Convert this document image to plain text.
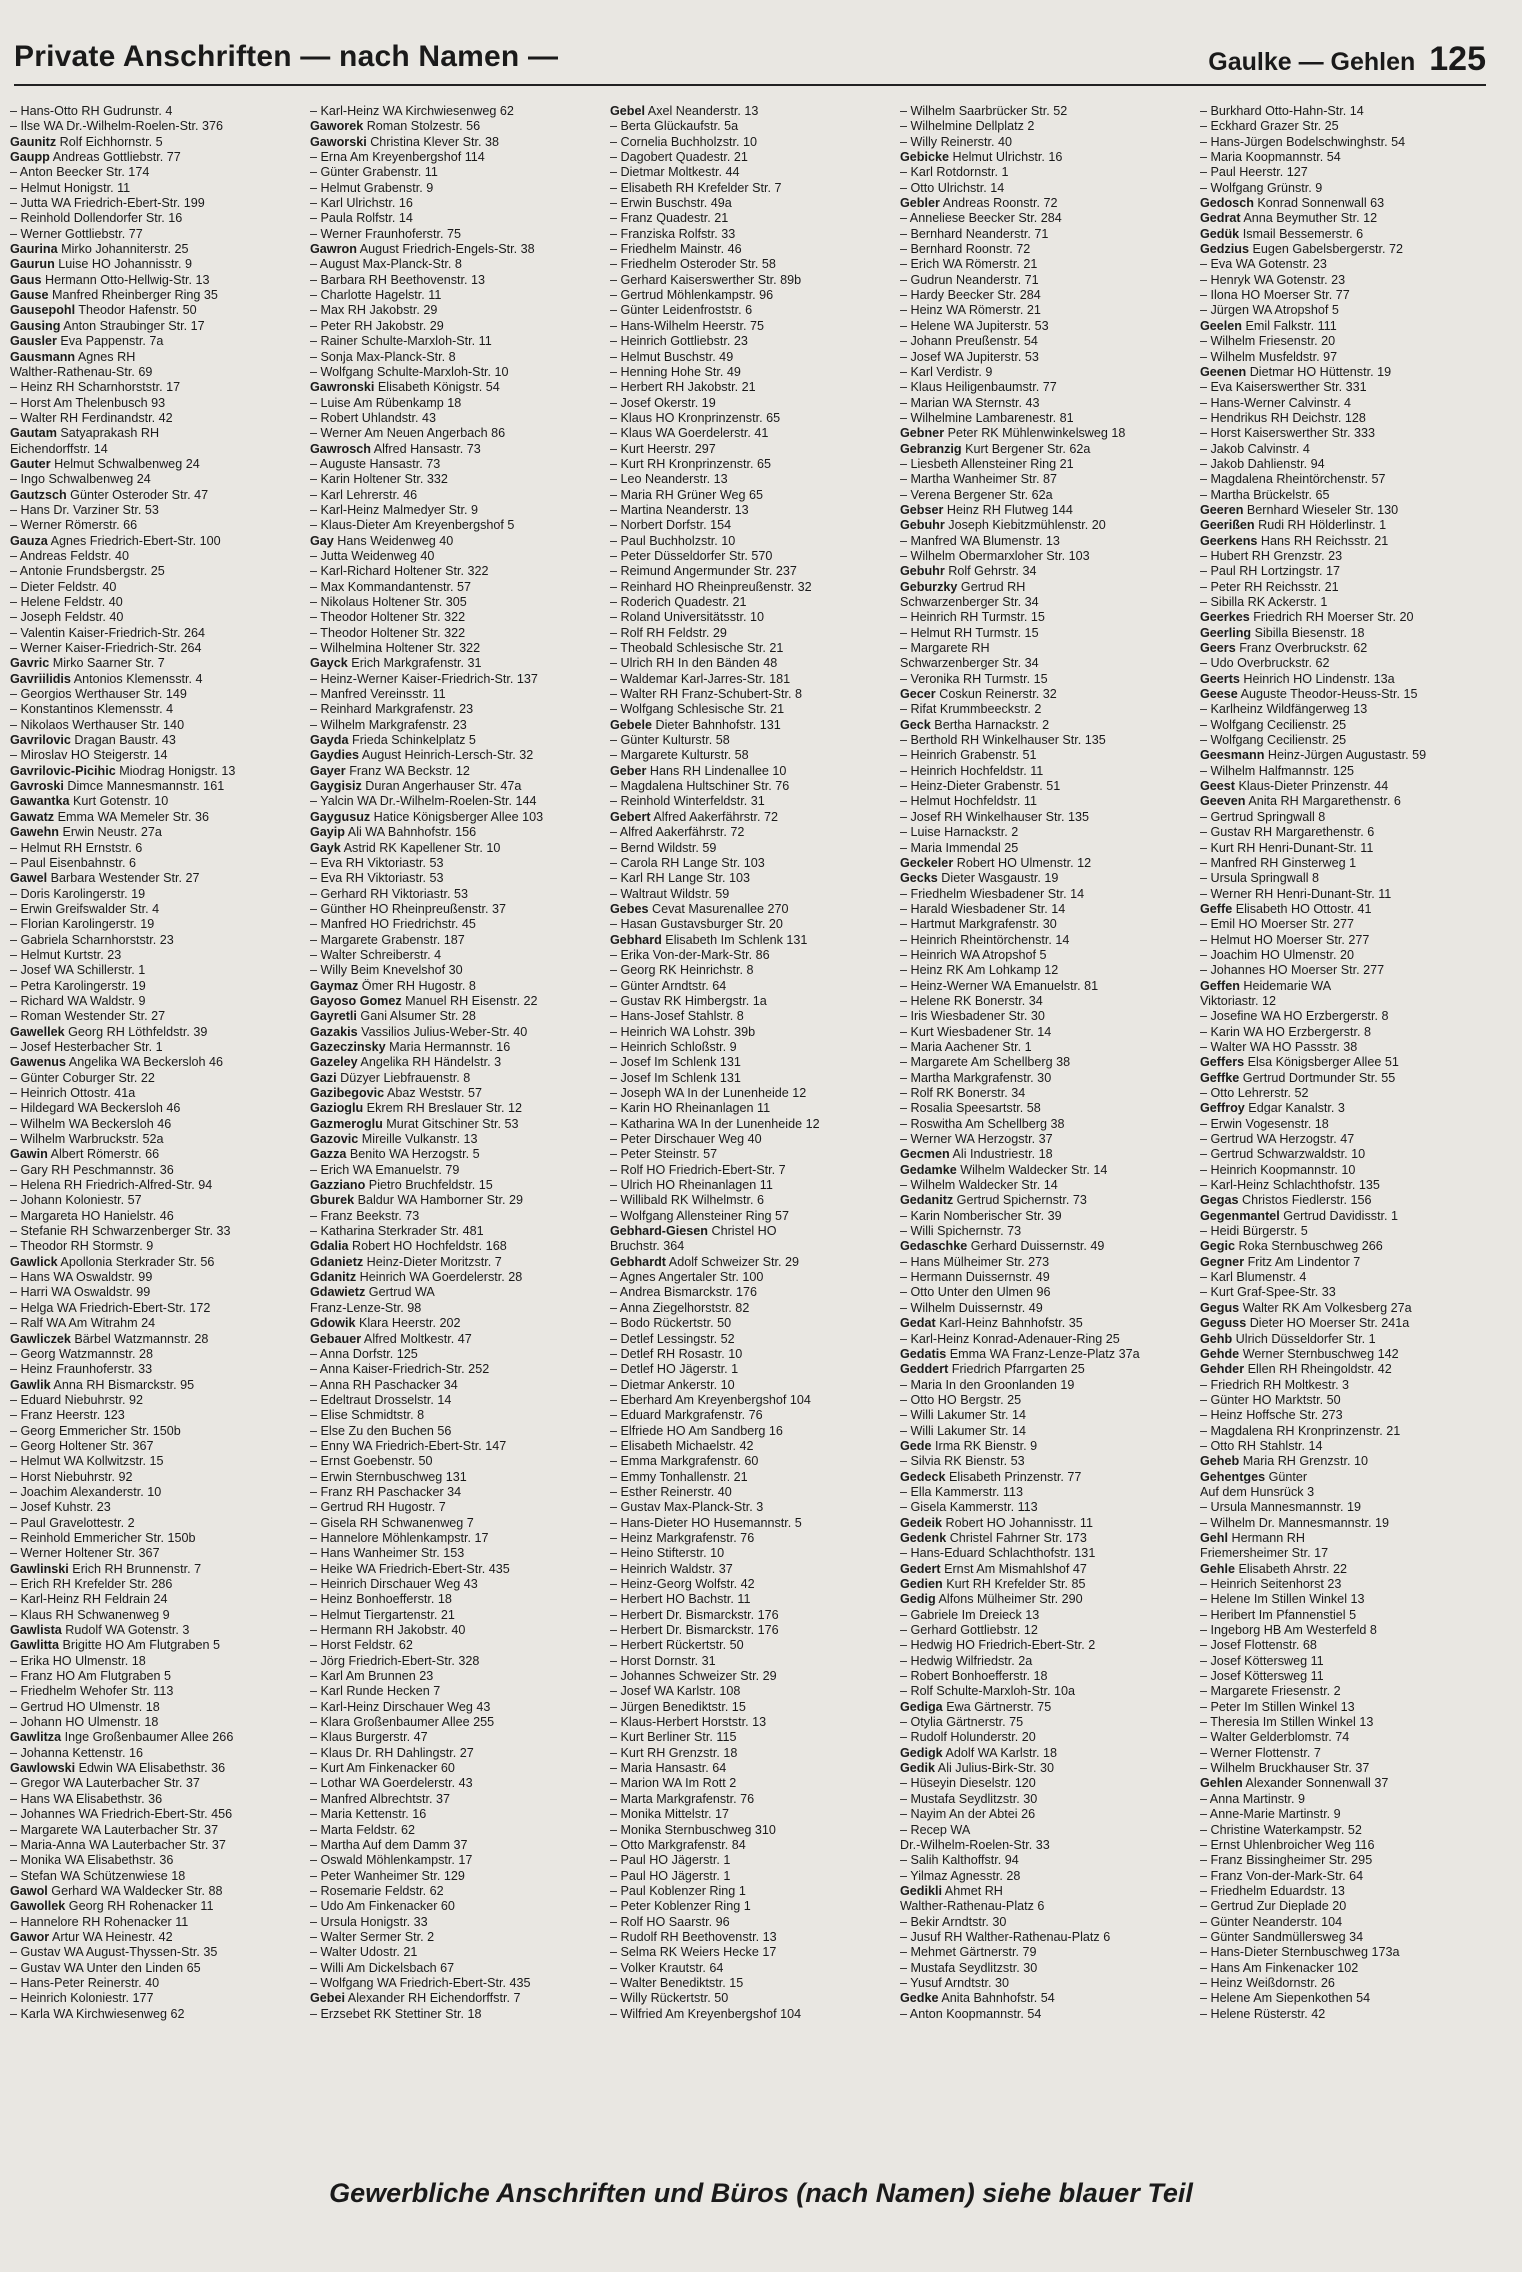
Private Anschriften — nach Namen —	Gaulke — Gehlen 125
– Hans-Otto RH Gudrunstr. 4
– Ilse WA Dr.-Wilhelm-Roelen-Str. 376
Gaunitz Rolf Eichhornstr. 5
Gaupp Andreas Gottliebstr. 77
– Anton Beecker Str. 174
– Helmut Honigstr. 11
– Jutta WA Friedrich-Ebert-Str. 199
– Reinhold Dollendorfer Str. 16
– Werner Gottliebstr. 77
Gaurina Mirko Johanniterstr. 25
Gaurun Luise HO Johannisstr. 9
Gaus Hermann Otto-Hellwig-Str. 13
Gause Manfred Rheinberger Ring 35
Gausepohl Theodor Hafenstr. 50
Gausing Anton Straubinger Str. 17
Gausler Eva Pappenstr. 7a
Gausmann Agnes RH
Walther-Rathenau-Str. 69
– Heinz RH Scharnhorststr. 17
– Horst Am Thelenbusch 93
– Walter RH Ferdinandstr. 42
Gautam Satyaprakash RH
Eichendorffstr. 14
Gauter Helmut Schwalbenweg 24
– Ingo Schwalbenweg 24
Gautzsch Günter Osteroder Str. 47
– Hans Dr. Varziner Str. 53
– Werner Römerstr. 66
Gauza Agnes Friedrich-Ebert-Str. 100
– Andreas Feldstr. 40
– Antonie Frundsbergstr. 25
– Dieter Feldstr. 40
– Helene Feldstr. 40
– Joseph Feldstr. 40
– Valentin Kaiser-Friedrich-Str. 264
– Werner Kaiser-Friedrich-Str. 264
Gavric Mirko Saarner Str. 7
Gavriilidis Antonios Klemensstr. 4
– Georgios Werthauser Str. 149
– Konstantinos Klemensstr. 4
– Nikolaos Werthauser Str. 140
Gavrilovic Dragan Baustr. 43
– Miroslav HO Steigerstr. 14
Gavrilovic-Picihic Miodrag Honigstr. 13
Gavroski Dimce Mannesmannstr. 161
Gawantka Kurt Gotenstr. 10
Gawatz Emma WA Memeler Str. 36
Gawehn Erwin Neustr. 27a
– Helmut RH Ernststr. 6
– Paul Eisenbahnstr. 6
Gawel Barbara Westender Str. 27
– Doris Karolingerstr. 19
– Erwin Greifswalder Str. 4
– Florian Karolingerstr. 19
– Gabriela Scharnhorststr. 23
– Helmut Kurtstr. 23
– Josef WA Schillerstr. 1
– Petra Karolingerstr. 19
– Richard WA Waldstr. 9
– Roman Westender Str. 27
Gawellek Georg RH Löthfeldstr. 39
– Josef Hesterbacher Str. 1
Gawenus Angelika WA Beckersloh 46
– Günter Coburger Str. 22
– Heinrich Ottostr. 41a
– Hildegard WA Beckersloh 46
– Wilhelm WA Beckersloh 46
– Wilhelm Warbruckstr. 52a
Gawin Albert Römerstr. 66
– Gary RH Peschmannstr. 36
– Helena RH Friedrich-Alfred-Str. 94
– Johann Koloniestr. 57
– Margareta HO Hanielstr. 46
– Stefanie RH Schwarzenberger Str. 33
– Theodor RH Stormstr. 9
Gawlick Apollonia Sterkrader Str. 56
– Hans WA Oswaldstr. 99
– Harri WA Oswaldstr. 99
– Helga WA Friedrich-Ebert-Str. 172
– Ralf WA Am Witrahm 24
Gawliczek Bärbel Watzmannstr. 28
– Georg Watzmannstr. 28
– Heinz Fraunhoferstr. 33
Gawlik Anna RH Bismarckstr. 95
– Eduard Niebuhrstr. 92
– Franz Heerstr. 123
– Georg Emmericher Str. 150b
– Georg Holtener Str. 367
– Helmut WA Kollwitzstr. 15
– Horst Niebuhrstr. 92
– Joachim Alexanderstr. 10
– Josef Kuhstr. 23
– Paul Gravelottestr. 2
– Reinhold Emmericher Str. 150b
– Werner Holtener Str. 367
Gawlinski Erich RH Brunnenstr. 7
– Erich RH Krefelder Str. 286
– Karl-Heinz RH Feldrain 24
– Klaus RH Schwanenweg 9
Gawlista Rudolf WA Gotenstr. 3
Gawlitta Brigitte HO Am Flutgraben 5
– Erika HO Ulmenstr. 18
– Franz HO Am Flutgraben 5
– Friedhelm Wehofer Str. 113
– Gertrud HO Ulmenstr. 18
– Johann HO Ulmenstr. 18
Gawlitza Inge Großenbaumer Allee 266
– Johanna Kettenstr. 16
Gawlowski Edwin WA Elisabethstr. 36
– Gregor WA Lauterbacher Str. 37
– Hans WA Elisabethstr. 36
– Johannes WA Friedrich-Ebert-Str. 456
– Margarete WA Lauterbacher Str. 37
– Maria-Anna WA Lauterbacher Str. 37
– Monika WA Elisabethstr. 36
– Stefan WA Schützenwiese 18
Gawol Gerhard WA Waldecker Str. 88
Gawollek Georg RH Rohenacker 11
– Hannelore RH Rohenacker 11
Gawor Artur WA Heinestr. 42
– Gustav WA August-Thyssen-Str. 35
– Gustav WA Unter den Linden 65
– Hans-Peter Reinerstr. 40
– Heinrich Koloniestr. 177
– Karla WA Kirchwiesenweg 62
– Karl-Heinz WA Kirchwiesenweg 62
Gaworek Roman Stolzestr. 56
Gaworski Christina Klever Str. 38
– Erna Am Kreyenbergshof 114
– Günter Grabenstr. 11
– Helmut Grabenstr. 9
– Karl Ulrichstr. 16
– Paula Rolfstr. 14
– Werner Fraunhoferstr. 75
Gawron August Friedrich-Engels-Str. 38
– August Max-Planck-Str. 8
– Barbara RH Beethovenstr. 13
– Charlotte Hagelstr. 11
– Max RH Jakobstr. 29
– Peter RH Jakobstr. 29
– Rainer Schulte-Marxloh-Str. 11
– Sonja Max-Planck-Str. 8
– Wolfgang Schulte-Marxloh-Str. 10
Gawronski Elisabeth Königstr. 54
– Luise Am Rübenkamp 18
– Robert Uhlandstr. 43
– Werner Am Neuen Angerbach 86
Gawrosch Alfred Hansastr. 73
– Auguste Hansastr. 73
– Karin Holtener Str. 332
– Karl Lehrerstr. 46
– Karl-Heinz Malmedyer Str. 9
– Klaus-Dieter Am Kreyenbergshof 5
Gay Hans Weidenweg 40
– Jutta Weidenweg 40
– Karl-Richard Holtener Str. 322
– Max Kommandantenstr. 57
– Nikolaus Holtener Str. 305
– Theodor Holtener Str. 322
– Theodor Holtener Str. 322
– Wilhelmina Holtener Str. 322
Gayck Erich Markgrafenstr. 31
– Heinz-Werner Kaiser-Friedrich-Str. 137
– Manfred Vereinsstr. 11
– Reinhard Markgrafenstr. 23
– Wilhelm Markgrafenstr. 23
Gayda Frieda Schinkelplatz 5
Gaydies August Heinrich-Lersch-Str. 32
Gayer Franz WA Beckstr. 12
Gaygisiz Duran Angerhauser Str. 47a
– Yalcin WA Dr.-Wilhelm-Roelen-Str. 144
Gaygusuz Hatice Königsberger Allee 103
Gayip Ali WA Bahnhofstr. 156
Gayk Astrid RK Kapellener Str. 10
– Eva RH Viktoriastr. 53
– Eva RH Viktoriastr. 53
– Gerhard RH Viktoriastr. 53
– Günther HO Rheinpreußenstr. 37
– Manfred HO Friedrichstr. 45
– Margarete Grabenstr. 187
– Walter Schreiberstr. 4
– Willy Beim Knevelshof 30
Gaymaz Ömer RH Hugostr. 8
Gayoso Gomez Manuel RH Eisenstr. 22
Gayretli Gani Alsumer Str. 28
Gazakis Vassilios Julius-Weber-Str. 40
Gazeczinsky Maria Hermannstr. 16
Gazeley Angelika RH Händelstr. 3
Gazi Düzyer Liebfrauenstr. 8
Gazibegovic Abaz Weststr. 57
Gazioglu Ekrem RH Breslauer Str. 12
Gazmeroglu Murat Gitschiner Str. 53
Gazovic Mireille Vulkanstr. 13
Gazza Benito WA Herzogstr. 5
– Erich WA Emanuelstr. 79
Gazziano Pietro Bruchfeldstr. 15
Gburek Baldur WA Hamborner Str. 29
– Franz Beekstr. 73
– Katharina Sterkrader Str. 481
Gdalia Robert HO Hochfeldstr. 168
Gdanietz Heinz-Dieter Moritzstr. 7
Gdanitz Heinrich WA Goerdelerstr. 28
Gdawietz Gertrud WA
Franz-Lenze-Str. 98
Gdowik Klara Heerstr. 202
Gebauer Alfred Moltkestr. 47
– Anna Dorfstr. 125
– Anna Kaiser-Friedrich-Str. 252
– Anna RH Paschacker 34
– Edeltraut Drosselstr. 14
– Elise Schmidtstr. 8
– Else Zu den Buchen 56
– Enny WA Friedrich-Ebert-Str. 147
– Ernst Goebenstr. 50
– Erwin Sternbuschweg 131
– Franz RH Paschacker 34
– Gertrud RH Hugostr. 7
– Gisela RH Schwanenweg 7
– Hannelore Möhlenkampstr. 17
– Hans Wanheimer Str. 153
– Heike WA Friedrich-Ebert-Str. 435
– Heinrich Dirschauer Weg 43
– Heinz Bonhoefferstr. 18
– Helmut Tiergartenstr. 21
– Hermann RH Jakobstr. 40
– Horst Feldstr. 62
– Jörg Friedrich-Ebert-Str. 328
– Karl Am Brunnen 23
– Karl Runde Hecken 7
– Karl-Heinz Dirschauer Weg 43
– Klara Großenbaumer Allee 255
– Klaus Burgerstr. 47
– Klaus Dr. RH Dahlingstr. 27
– Kurt Am Finkenacker 60
– Lothar WA Goerdelerstr. 43
– Manfred Albrechtstr. 37
– Maria Kettenstr. 16
– Marta Feldstr. 62
– Martha Auf dem Damm 37
– Oswald Möhlenkampstr. 17
– Peter Wanheimer Str. 129
– Rosemarie Feldstr. 62
– Udo Am Finkenacker 60
– Ursula Honigstr. 33
– Walter Sermer Str. 2
– Walter Udostr. 21
– Willi Am Dickelsbach 67
– Wolfgang WA Friedrich-Ebert-Str. 435
Gebei Alexander RH Eichendorffstr. 7
– Erzsebet RK Stettiner Str. 18
Gebel Axel Neanderstr. 13
– Berta Glückaufstr. 5a
– Cornelia Buchholzstr. 10
– Dagobert Quadestr. 21
– Dietmar Moltkestr. 44
– Elisabeth RH Krefelder Str. 7
– Erwin Buschstr. 49a
– Franz Quadestr. 21
– Franziska Rolfstr. 33
– Friedhelm Mainstr. 46
– Friedhelm Osteroder Str. 58
– Gerhard Kaiserswerther Str. 89b
– Gertrud Möhlenkampstr. 96
– Günter Leidenfroststr. 6
– Hans-Wilhelm Heerstr. 75
– Heinrich Gottliebstr. 23
– Helmut Buschstr. 49
– Henning Hohe Str. 49
– Herbert RH Jakobstr. 21
– Josef Okerstr. 19
– Klaus HO Kronprinzenstr. 65
– Klaus WA Goerdelerstr. 41
– Kurt Heerstr. 297
– Kurt RH Kronprinzenstr. 65
– Leo Neanderstr. 13
– Maria RH Grüner Weg 65
– Martina Neanderstr. 13
– Norbert Dorfstr. 154
– Paul Buchholzstr. 10
– Peter Düsseldorfer Str. 570
– Reimund Angermunder Str. 237
– Reinhard HO Rheinpreußenstr. 32
– Roderich Quadestr. 21
– Roland Universitätsstr. 10
– Rolf RH Feldstr. 29
– Theobald Schlesische Str. 21
– Ulrich RH In den Bänden 48
– Waldemar Karl-Jarres-Str. 181
– Walter RH Franz-Schubert-Str. 8
– Wolfgang Schlesische Str. 21
Gebele Dieter Bahnhofstr. 131
– Günter Kulturstr. 58
– Margarete Kulturstr. 58
Geber Hans RH Lindenallee 10
– Magdalena Hultschiner Str. 76
– Reinhold Winterfeldstr. 31
Gebert Alfred Aakerfährstr. 72
– Alfred Aakerfährstr. 72
– Bernd Wildstr. 59
– Carola RH Lange Str. 103
– Karl RH Lange Str. 103
– Waltraut Wildstr. 59
Gebes Cevat Masurenallee 270
– Hasan Gustavsburger Str. 20
Gebhard Elisabeth Im Schlenk 131
– Erika Von-der-Mark-Str. 86
– Georg RK Heinrichstr. 8
– Günter Arndtstr. 64
– Gustav RK Himbergstr. 1a
– Hans-Josef Stahlstr. 8
– Heinrich WA Lohstr. 39b
– Heinrich Schloßstr. 9
– Josef Im Schlenk 131
– Josef Im Schlenk 131
– Joseph WA In der Lunenheide 12
– Karin HO Rheinanlagen 11
– Katharina WA In der Lunenheide 12
– Peter Dirschauer Weg 40
– Peter Steinstr. 57
– Rolf HO Friedrich-Ebert-Str. 7
– Ulrich HO Rheinanlagen 11
– Willibald RK Wilhelmstr. 6
– Wolfgang Allensteiner Ring 57
Gebhard-Giesen Christel HO
Bruchstr. 364
Gebhardt Adolf Schweizer Str. 29
– Agnes Angertaler Str. 100
– Andrea Bismarckstr. 176
– Anna Ziegelhorststr. 82
– Bodo Rückertstr. 50
– Detlef Lessingstr. 52
– Detlef RH Rosastr. 10
– Detlef HO Jägerstr. 1
– Dietmar Ankerstr. 10
– Eberhard Am Kreyenbergshof 104
– Eduard Markgrafenstr. 76
– Elfriede HO Am Sandberg 16
– Elisabeth Michaelstr. 42
– Emma Markgrafenstr. 60
– Emmy Tonhallenstr. 21
– Esther Reinerstr. 40
– Gustav Max-Planck-Str. 3
– Hans-Dieter HO Husemannstr. 5
– Heinz Markgrafenstr. 76
– Heino Stifterstr. 10
– Heinrich Waldstr. 37
– Heinz-Georg Wolfstr. 42
– Herbert HO Bachstr. 11
– Herbert Dr. Bismarckstr. 176
– Herbert Dr. Bismarckstr. 176
– Herbert Rückertstr. 50
– Horst Dornstr. 31
– Johannes Schweizer Str. 29
– Josef WA Karlstr. 108
– Jürgen Benediktstr. 15
– Klaus-Herbert Horststr. 13
– Kurt Berliner Str. 115
– Kurt RH Grenzstr. 18
– Maria Hansastr. 64
– Marion WA Im Rott 2
– Marta Markgrafenstr. 76
– Monika Mittelstr. 17
– Monika Sternbuschweg 310
– Otto Markgrafenstr. 84
– Paul HO Jägerstr. 1
– Paul HO Jägerstr. 1
– Paul Koblenzer Ring 1
– Peter Koblenzer Ring 1
– Rolf HO Saarstr. 96
– Rudolf RH Beethovenstr. 13
– Selma RK Weiers Hecke 17
– Volker Krautstr. 64
– Walter Benediktstr. 15
– Willy Rückertstr. 50
– Wilfried Am Kreyenbergshof 104
– Wilhelm Saarbrücker Str. 52
– Wilhelmine Dellplatz 2
– Willy Reinerstr. 40
Gebicke Helmut Ulrichstr. 16
– Karl Rotdornstr. 1
– Otto Ulrichstr. 14
Gebler Andreas Roonstr. 72
– Anneliese Beecker Str. 284
– Bernhard Neanderstr. 71
– Bernhard Roonstr. 72
– Erich WA Römerstr. 21
– Gudrun Neanderstr. 71
– Hardy Beecker Str. 284
– Heinz WA Römerstr. 21
– Helene WA Jupiterstr. 53
– Johann Preußenstr. 54
– Josef WA Jupiterstr. 53
– Karl Verdistr. 9
– Klaus Heiligenbaumstr. 77
– Marian WA Sternstr. 43
– Wilhelmine Lambarenestr. 81
Gebner Peter RK Mühlenwinkelsweg 18
Gebranzig Kurt Bergener Str. 62a
– Liesbeth Allensteiner Ring 21
– Martha Wanheimer Str. 87
– Verena Bergener Str. 62a
Gebser Heinz RH Flutweg 144
Gebuhr Joseph Kiebitzmühlenstr. 20
– Manfred WA Blumenstr. 13
– Wilhelm Obermarxloher Str. 103
Gebuhr Rolf Gehrstr. 34
Geburzky Gertrud RH
Schwarzenberger Str. 34
– Heinrich RH Turmstr. 15
– Helmut RH Turmstr. 15
– Margarete RH
Schwarzenberger Str. 34
– Veronika RH Turmstr. 15
Gecer Coskun Reinerstr. 32
– Rifat Krummbeeckstr. 2
Geck Bertha Harnackstr. 2
– Berthold RH Winkelhauser Str. 135
– Heinrich Grabenstr. 51
– Heinrich Hochfeldstr. 11
– Heinz-Dieter Grabenstr. 51
– Helmut Hochfeldstr. 11
– Josef RH Winkelhauser Str. 135
– Luise Harnackstr. 2
– Maria Immendal 25
Geckeler Robert HO Ulmenstr. 12
Gecks Dieter Wasgaustr. 19
– Friedhelm Wiesbadener Str. 14
– Harald Wiesbadener Str. 14
– Hartmut Markgrafenstr. 30
– Heinrich Rheintörchenstr. 14
– Heinrich WA Atropshof 5
– Heinz RK Am Lohkamp 12
– Heinz-Werner WA Emanuelstr. 81
– Helene RK Bonerstr. 34
– Iris Wiesbadener Str. 30
– Kurt Wiesbadener Str. 14
– Maria Aachener Str. 1
– Margarete Am Schellberg 38
– Martha Markgrafenstr. 30
– Rolf RK Bonerstr. 34
– Rosalia Speesartstr. 58
– Roswitha Am Schellberg 38
– Werner WA Herzogstr. 37
Gecmen Ali Industriestr. 18
Gedamke Wilhelm Waldecker Str. 14
– Wilhelm Waldecker Str. 14
Gedanitz Gertrud Spichernstr. 73
– Karin Nomberischer Str. 39
– Willi Spichernstr. 73
Gedaschke Gerhard Duissernstr. 49
– Hans Mülheimer Str. 273
– Hermann Duissernstr. 49
– Otto Unter den Ulmen 96
– Wilhelm Duissernstr. 49
Gedat Karl-Heinz Bahnhofstr. 35
– Karl-Heinz Konrad-Adenauer-Ring 25
Gedatis Emma WA Franz-Lenze-Platz 37a
Geddert Friedrich Pfarrgarten 25
– Maria In den Groonlanden 19
– Otto HO Bergstr. 25
– Willi Lakumer Str. 14
– Willi Lakumer Str. 14
Gede Irma RK Bienstr. 9
– Silvia RK Bienstr. 53
Gedeck Elisabeth Prinzenstr. 77
– Ella Kammerstr. 113
– Gisela Kammerstr. 113
Gedeik Robert HO Johannisstr. 11
Gedenk Christel Fahrner Str. 173
– Hans-Eduard Schlachthofstr. 131
Gedert Ernst Am Mismahlshof 47
Gedien Kurt RH Krefelder Str. 85
Gedig Alfons Mülheimer Str. 290
– Gabriele Im Dreieck 13
– Gerhard Gottliebstr. 12
– Hedwig HO Friedrich-Ebert-Str. 2
– Hedwig Wilfriedstr. 2a
– Robert Bonhoefferstr. 18
– Rolf Schulte-Marxloh-Str. 10a
Gediga Ewa Gärtnerstr. 75
– Otylia Gärtnerstr. 75
– Rudolf Holunderstr. 20
Gedigk Adolf WA Karlstr. 18
Gedik Ali Julius-Birk-Str. 30
– Hüseyin Dieselstr. 120
– Mustafa Seydlitzstr. 30
– Nayim An der Abtei 26
– Recep WA
Dr.-Wilhelm-Roelen-Str. 33
– Salih Kalthoffstr. 94
– Yilmaz Agnesstr. 28
Gedikli Ahmet RH
Walther-Rathenau-Platz 6
– Bekir Arndtstr. 30
– Jusuf RH Walther-Rathenau-Platz 6
– Mehmet Gärtnerstr. 79
– Mustafa Seydlitzstr. 30
– Yusuf Arndtstr. 30
Gedke Anita Bahnhofstr. 54
– Anton Koopmannstr. 54
– Burkhard Otto-Hahn-Str. 14
– Eckhard Grazer Str. 25
– Hans-Jürgen Bodelschwinghstr. 54
– Maria Koopmannstr. 54
– Paul Heerstr. 127
– Wolfgang Grünstr. 9
Gedosch Konrad Sonnenwall 63
Gedrat Anna Beymuther Str. 12
Gedük Ismail Bessemerstr. 6
Gedzius Eugen Gabelsbergerstr. 72
– Eva WA Gotenstr. 23
– Henryk WA Gotenstr. 23
– Ilona HO Moerser Str. 77
– Jürgen WA Atropshof 5
Geelen Emil Falkstr. 111
– Wilhelm Friesenstr. 20
– Wilhelm Musfeldstr. 97
Geenen Dietmar HO Hüttenstr. 19
– Eva Kaiserswerther Str. 331
– Hans-Werner Calvinstr. 4
– Hendrikus RH Deichstr. 128
– Horst Kaiserswerther Str. 333
– Jakob Calvinstr. 4
– Jakob Dahlienstr. 94
– Magdalena Rheintörchenstr. 57
– Martha Brückelstr. 65
Geeren Bernhard Wieseler Str. 130
Geerißen Rudi RH Hölderlinstr. 1
Geerkens Hans RH Reichsstr. 21
– Hubert RH Grenzstr. 23
– Paul RH Lortzingstr. 17
– Peter RH Reichsstr. 21
– Sibilla RK Ackerstr. 1
Geerkes Friedrich RH Moerser Str. 20
Geerling Sibilla Biesenstr. 18
Geers Franz Overbruckstr. 62
– Udo Overbruckstr. 62
Geerts Heinrich HO Lindenstr. 13a
Geese Auguste Theodor-Heuss-Str. 15
– Karlheinz Wildfängerweg 13
– Wolfgang Cecilienstr. 25
– Wolfgang Cecilienstr. 25
Geesmann Heinz-Jürgen Augustastr. 59
– Wilhelm Halfmannstr. 125
Geest Klaus-Dieter Prinzenstr. 44
Geeven Anita RH Margarethenstr. 6
– Gertrud Springwall 8
– Gustav RH Margarethenstr. 6
– Kurt RH Henri-Dunant-Str. 11
– Manfred RH Ginsterweg 1
– Ursula Springwall 8
– Werner RH Henri-Dunant-Str. 11
Geffe Elisabeth HO Ottostr. 41
– Emil HO Moerser Str. 277
– Helmut HO Moerser Str. 277
– Joachim HO Ulmenstr. 20
– Johannes HO Moerser Str. 277
Geffen Heidemarie WA
Viktoriastr. 12
– Josefine WA HO Erzbergerstr. 8
– Karin WA HO Erzbergerstr. 8
– Walter WA HO Passstr. 38
Geffers Elsa Königsberger Allee 51
Geffke Gertrud Dortmunder Str. 55
– Otto Lehrerstr. 52
Geffroy Edgar Kanalstr. 3
– Erwin Vogesenstr. 18
– Gertrud WA Herzogstr. 47
– Gertrud Schwarzwaldstr. 10
– Heinrich Koopmannstr. 10
– Karl-Heinz Schlachthofstr. 135
Gegas Christos Fiedlerstr. 156
Gegenmantel Gertrud Davidisstr. 1
– Heidi Bürgerstr. 5
Gegic Roka Sternbuschweg 266
Gegner Fritz Am Lindentor 7
– Karl Blumenstr. 4
– Kurt Graf-Spee-Str. 33
Gegus Walter RK Am Volkesberg 27a
Geguss Dieter HO Moerser Str. 241a
Gehb Ulrich Düsseldorfer Str. 1
Gehde Werner Sternbuschweg 142
Gehder Ellen RH Rheingoldstr. 42
– Friedrich RH Moltkestr. 3
– Günter HO Marktstr. 50
– Heinz Hoffsche Str. 273
– Magdalena RH Kronprinzenstr. 21
– Otto RH Stahlstr. 14
Geheb Maria RH Grenzstr. 10
Gehentges Günter
Auf dem Hunsrück 3
– Ursula Mannesmannstr. 19
– Wilhelm Dr. Mannesmannstr. 19
Gehl Hermann RH
Friemersheimer Str. 17
Gehle Elisabeth Ahrstr. 22
– Heinrich Seitenhorst 23
– Helene Im Stillen Winkel 13
– Heribert Im Pfannenstiel 5
– Ingeborg HB Am Westerfeld 8
– Josef Flottenstr. 68
– Josef Köttersweg 11
– Josef Köttersweg 11
– Margarete Friesenstr. 2
– Peter Im Stillen Winkel 13
– Theresia Im Stillen Winkel 13
– Walter Gelderblomstr. 74
– Werner Flottenstr. 7
– Wilhelm Bruckhauser Str. 37
Gehlen Alexander Sonnenwall 37
– Anna Martinstr. 9
– Anne-Marie Martinstr. 9
– Christine Waterkampstr. 52
– Ernst Uhlenbroicher Weg 116
– Franz Bissingheimer Str. 295
– Franz Von-der-Mark-Str. 64
– Friedhelm Eduardstr. 13
– Gertrud Zur Dieplade 20
– Günter Neanderstr. 104
– Günter Sandmüllersweg 34
– Hans-Dieter Sternbuschweg 173a
– Hans Am Finkenacker 102
– Heinz Weißdornstr. 26
– Helene Am Siepenkothen 54
– Helene Rüsterstr. 42
Gewerbliche Anschriften und Büros (nach Namen) siehe blauer Teil
